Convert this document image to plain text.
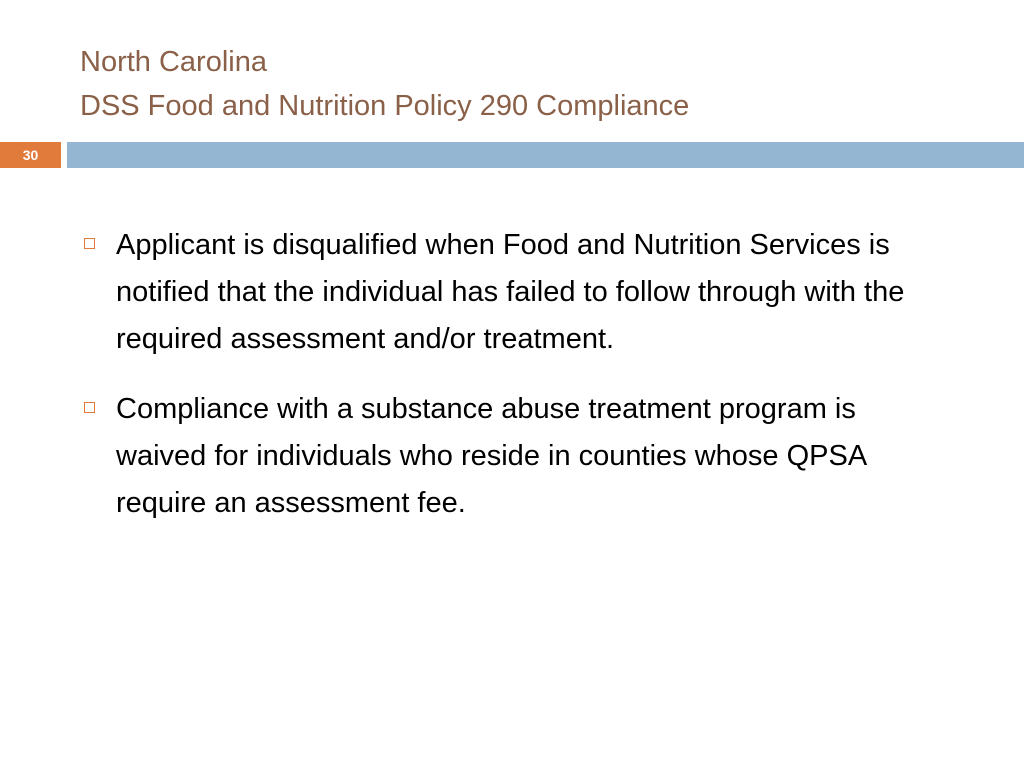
North Carolina
DSS Food and Nutrition Policy 290 Compliance
30
Applicant is disqualified when Food and Nutrition Services is notified that the individual has failed to follow through with the required assessment and/or treatment.
Compliance with a substance abuse treatment program is waived for individuals who reside in counties whose QPSA require an assessment fee.
